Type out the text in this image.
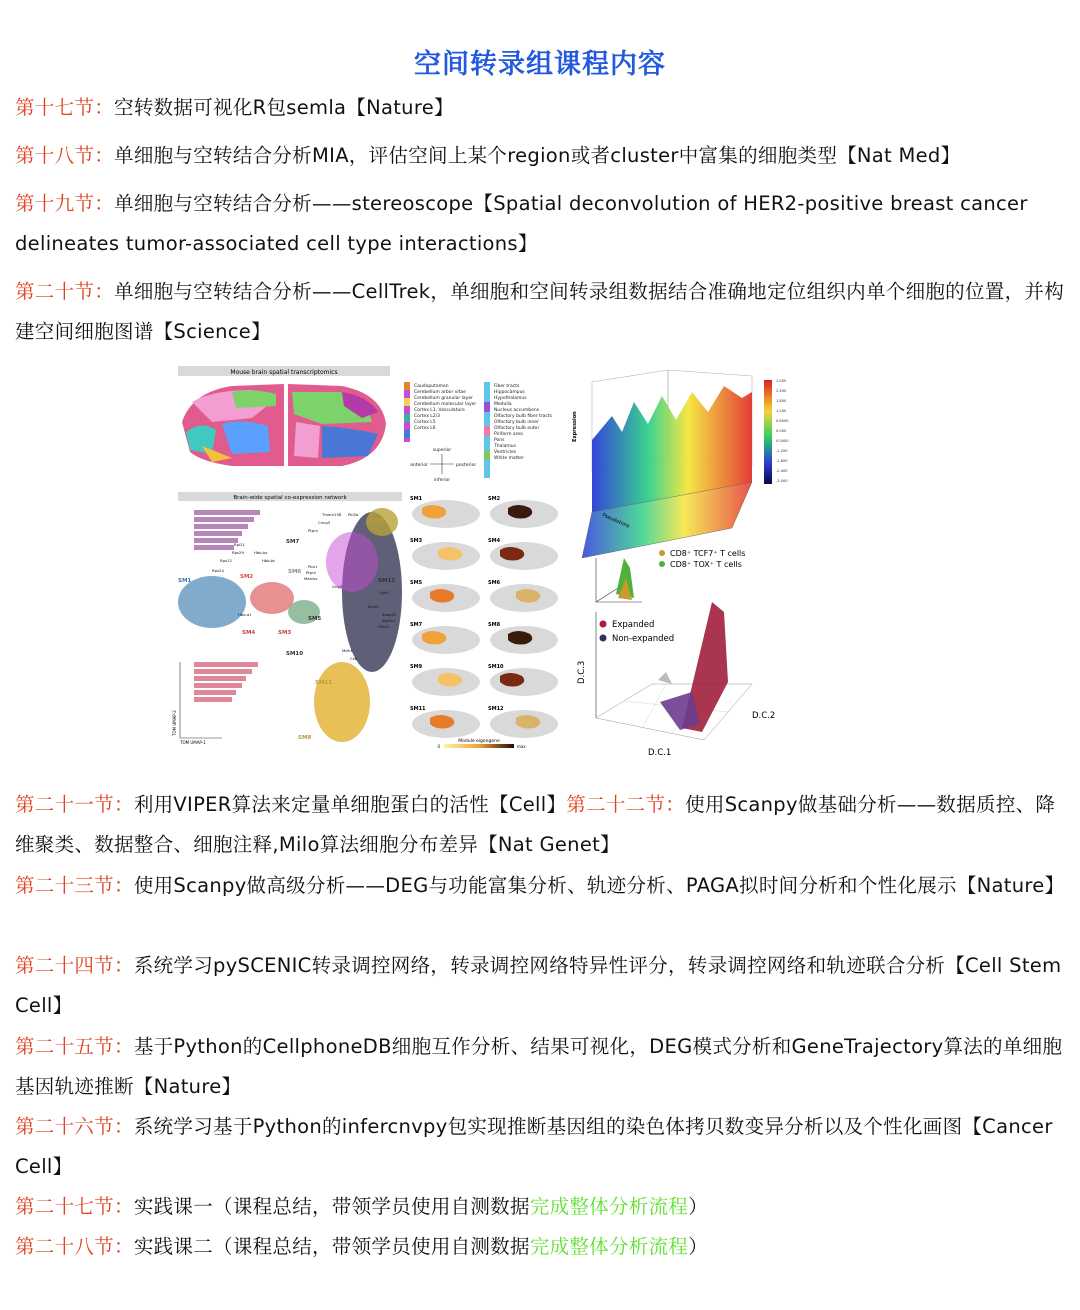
空间转录组课程内容
第十七节：空转数据可视化R包semla【Nature】
第十八节：单细胞与空转结合分析MIA，评估空间上某个region或者cluster中富集的细胞类型【Nat Med】
第十九节：单细胞与空转结合分析——stereoscope【Spatial deconvolution of HER2-positive breast cancer delineates tumor-associated cell type interactions】
第二十节：单细胞与空转结合分析——CellTrek，单细胞和空间转录组数据结合准确地定位组织内单个细胞的位置，并构建空间细胞图谱【Science】
Mouse brain spatial transcriptomics
Caudoputamen
Cerebellum arbor vitae
Cerebellum granular layer
Cerebellum molecular layer
Cortex L1, Vasculature
Cortex L2/3
Cortex L5
Cortex L6
Fiber tracts
Hippocampus
Hypothalamus
Medulla
Nucleus accumbens
Olfactory bulb fiber tracts
Olfactory bulb inner
Olfactory bulb outer
Piriform area
Pons
Thalamus
Ventricles
White matter
superior
inferior
anterior	posterior
Brain-wide spatial co-expression network
SM1
SM2
SM3
SM4
SM5
SM6
SM7
SM8
SM9
SM10
SM11
SM12
Tmem158 Pkl2b
Cnnp5
Ptprn
Pbx1
Ptprn
Marcks
Gng3
Snap25
Atp1b1
Syt1
Mdh1
Ckb
Scrn1
Olfm1
Rpl21
Rps29
Rps12
Rps24
Hbb-bs
Hba-a1
Hbb-bt
TOM UMAP-1
TOM UMAP-2
SM1	SM2
SM3	SM4
SM5	SM6
SM7	SM8
SM9	SM10
SM11	SM12
Module eigengene
0	max
Expression
Pseudotime
1.000
2.400
1.800
1.200
0.6000
0.000
0.0000
-1.200
-1.800
-2.400
-3.000
CD8⁺ TCF7⁺ T cells
CD8⁺ TOX⁺ T cells
Expanded
Non-expanded
D.C.3
D.C.2
D.C.1
第二十一节：利用VIPER算法来定量单细胞蛋白的活性【Cell】第二十二节：使用Scanpy做基础分析——数据质控、降维聚类、数据整合、细胞注释,Milo算法细胞分布差异【Nat Genet】
第二十三节：使用Scanpy做高级分析——DEG与功能富集分析、轨迹分析、PAGA拟时间分析和个性化展示【Nature】
第二十四节：系统学习pySCENIC转录调控网络，转录调控网络特异性评分，转录调控网络和轨迹联合分析【Cell Stem Cell】
第二十五节：基于Python的CellphoneDB细胞互作分析、结果可视化，DEG模式分析和GeneTrajectory算法的单细胞基因轨迹推断【Nature】
第二十六节：系统学习基于Python的infercnvpy包实现推断基因组的染色体拷贝数变异分析以及个性化画图【Cancer Cell】
第二十七节：实践课一（课程总结，带领学员使用自测数据完成整体分析流程）
第二十八节：实践课二（课程总结，带领学员使用自测数据完成整体分析流程）
